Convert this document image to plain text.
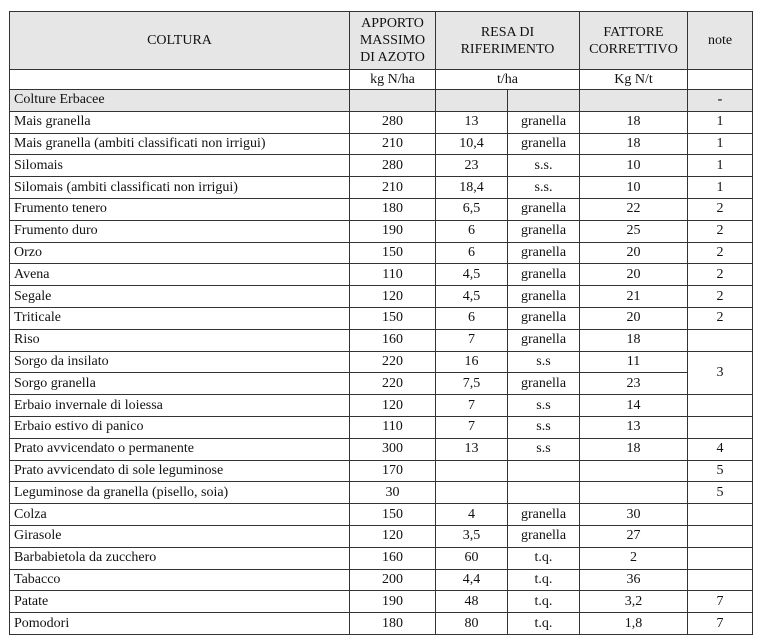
COLTURA	APPORTO MASSIMO DI AZOTO	RESA DI RIFERIMENTO		FATTORE CORRETTIVO	note
	kg N/ha	t/ha		Kg N/t	
Colture Erbacee					-
Mais granella	280	13	granella	18	1
Mais granella (ambiti classificati non irrigui)	210	10,4	granella	18	1
Silomais	280	23	s.s.	10	1
Silomais (ambiti classificati non irrigui)	210	18,4	s.s.	10	1
Frumento tenero	180	6,5	granella	22	2
Frumento duro	190	6	granella	25	2
Orzo	150	6	granella	20	2
Avena	110	4,5	granella	20	2
Segale	120	4,5	granella	21	2
Triticale	150	6	granella	20	2
Riso	160	7	granella	18	
Sorgo da insilato	220	16	s.s	11	3
Sorgo granella	220	7,5	granella	23	
Erbaio invernale di loiessa	120	7	s.s	14	
Erbaio estivo di panico	110	7	s.s	13	
Prato avvicendato o permanente	300	13	s.s	18	4
Prato avvicendato di sole leguminose	170				5
Leguminose da granella (pisello, soia)	30				5
Colza	150	4	granella	30	
Girasole	120	3,5	granella	27	
Barbabietola da zucchero	160	60	t.q.	2	
Tabacco	200	4,4	t.q.	36	
Patate	190	48	t.q.	3,2	7
Pomodori	180	80	t.q.	1,8	7
